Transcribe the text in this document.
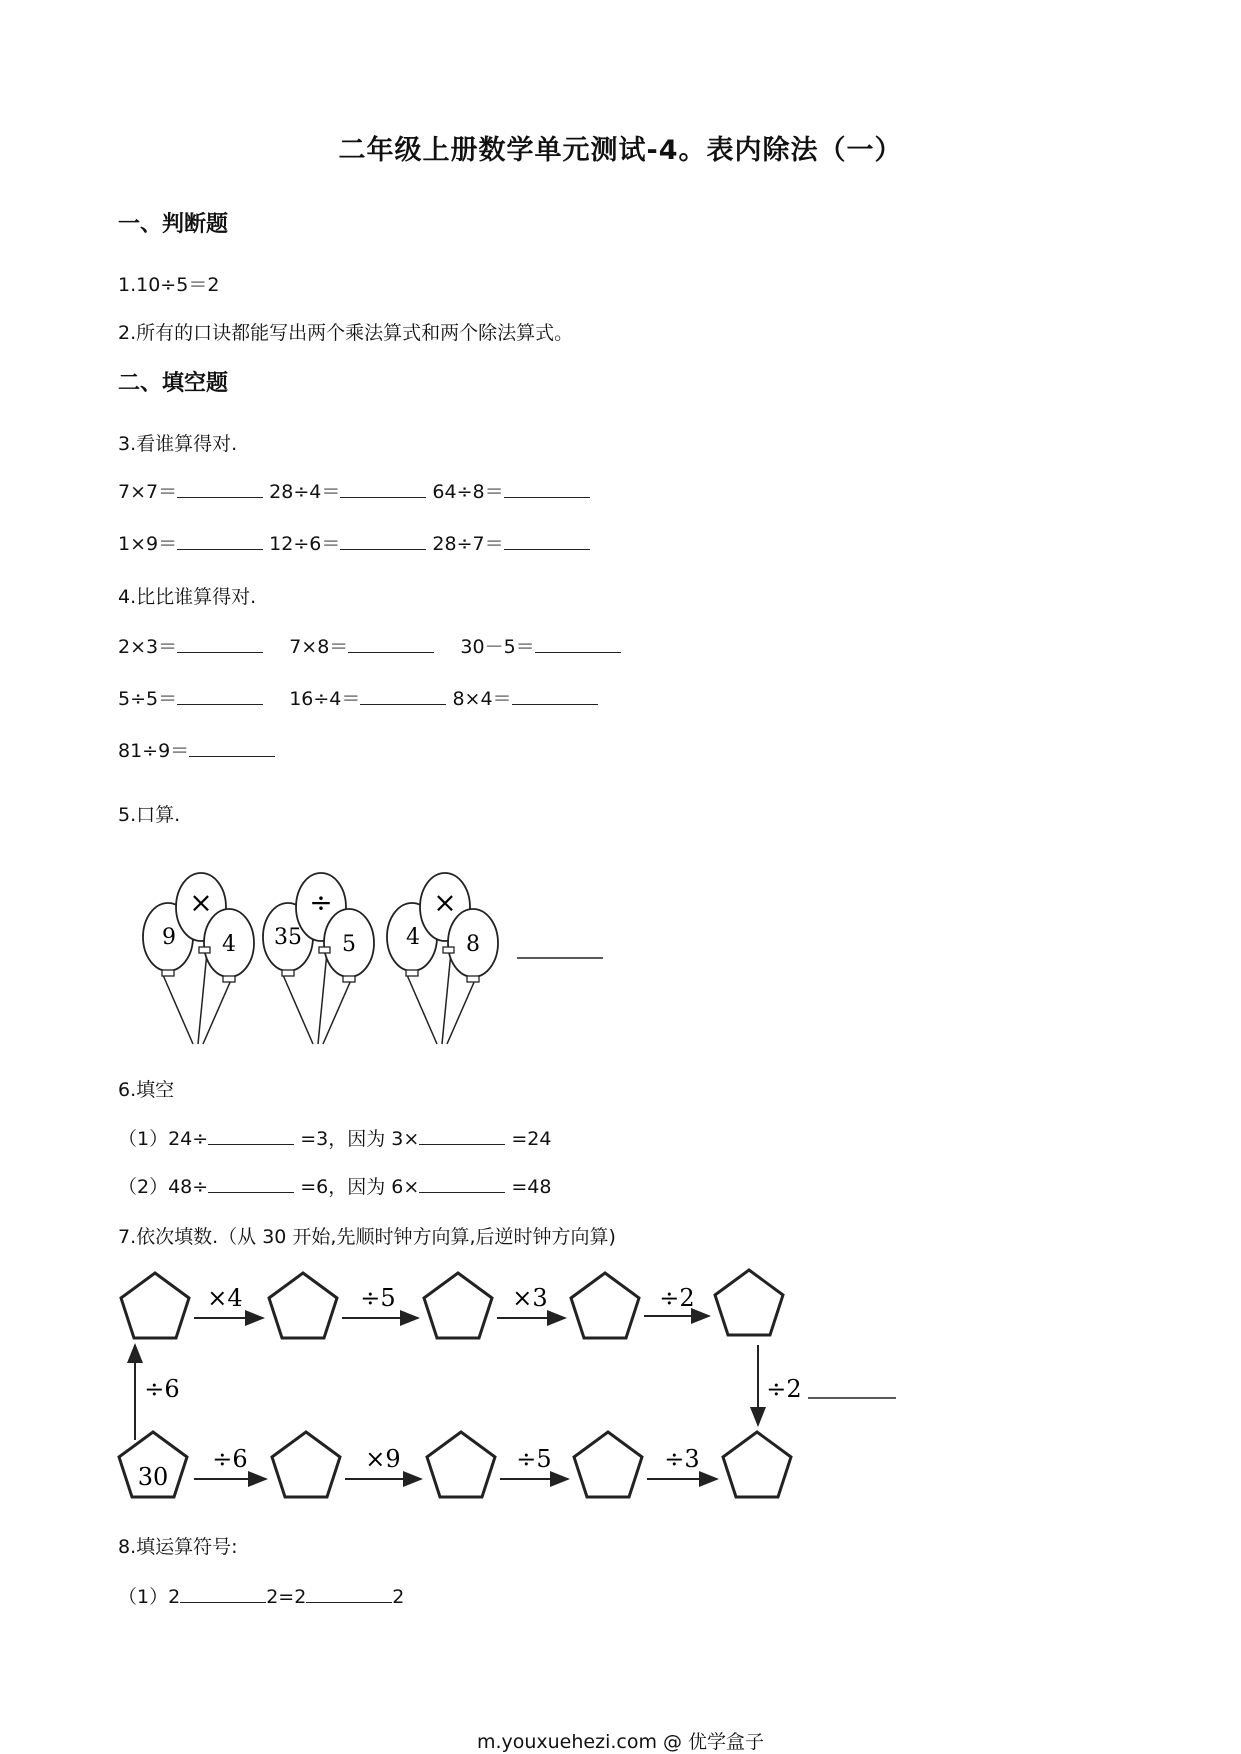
二年级上册数学单元测试-4。表内除法（一）
一、判断题
1.10÷5＝2
2.所有的口诀都能写出两个乘法算式和两个除法算式。
二、填空题
3.看谁算得对.
7×7＝	28÷4＝	64÷8＝
1×9＝	12÷6＝	28÷7＝
4.比比谁算得对.
2×3＝	7×8＝	30－5＝
5÷5＝	16÷4＝	8×4＝
81÷9＝
5.口算.
×
9 4
÷
35 5
×
4 8
6.填空
（1）24÷	=3，因为 3×	=24
（2）48÷	=6，因为 6×	=48
7.依次填数.（从 30 开始,先顺时钟方向算,后逆时钟方向算)
×4	÷5	×3	÷2
÷2
÷6
30
÷6	×9	÷5	÷3
8.填运算符号:
（1）2	2=2	2
m.youxuehezi.com @ 优学盒子
